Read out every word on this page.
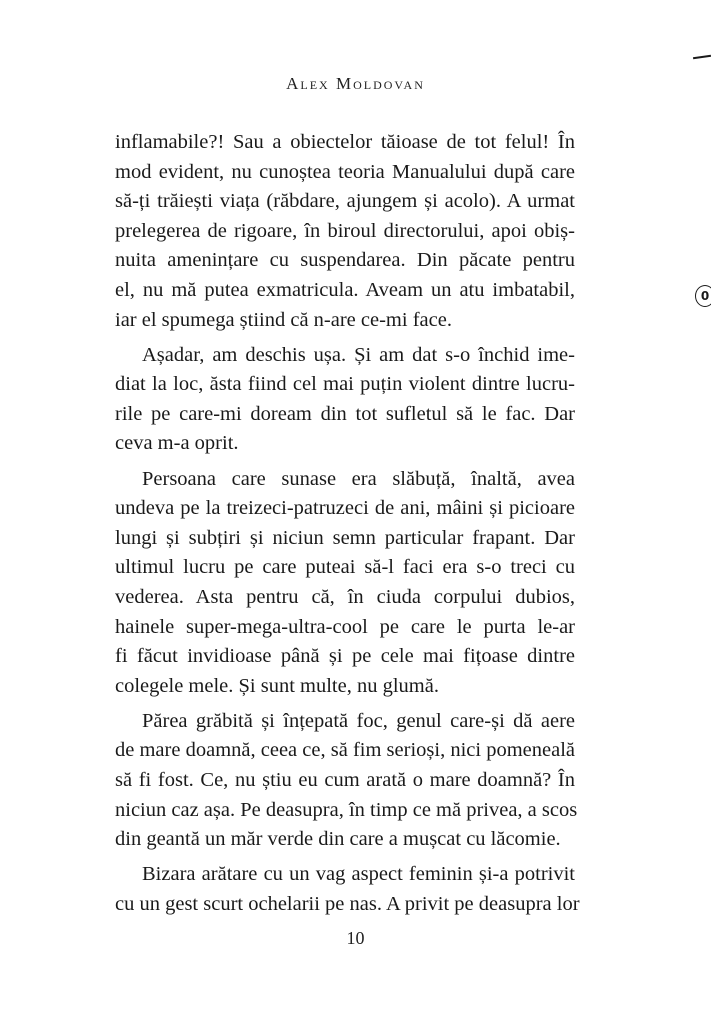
0
Alex Moldovan
inflamabile?! Sau a obiectelor tăioase de tot felul! În
mod evident, nu cunoștea teoria Manualului după care
să-ți trăiești viața (răbdare, ajungem și acolo). A urmat
prelegerea de rigoare, în biroul directorului, apoi obiș-
nuita amenințare cu suspendarea. Din păcate pentru
el, nu mă putea exmatricula. Aveam un atu imbatabil,
iar el spumega știind că n-are ce-mi face.
Așadar, am deschis ușa. Și am dat s-o închid ime-
diat la loc, ăsta fiind cel mai puțin violent dintre lucru-
rile pe care-mi doream din tot sufletul să le fac. Dar
ceva m-a oprit.
Persoana care sunase era slăbuță, înaltă, avea
undeva pe la treizeci-patruzeci de ani, mâini și picioare
lungi și subțiri și niciun semn particular frapant. Dar
ultimul lucru pe care puteai să-l faci era s-o treci cu
vederea. Asta pentru că, în ciuda corpului dubios,
hainele super-mega-ultra-cool pe care le purta le-ar
fi făcut invidioase până și pe cele mai fițoase dintre
colegele mele. Și sunt multe, nu glumă.
Părea grăbită și înțepată foc, genul care-și dă aere
de mare doamnă, ceea ce, să fim serioși, nici pomeneală
să fi fost. Ce, nu știu eu cum arată o mare doamnă? În
niciun caz așa. Pe deasupra, în timp ce mă privea, a scos
din geantă un măr verde din care a mușcat cu lăcomie.
Bizara arătare cu un vag aspect feminin și-a potrivit
cu un gest scurt ochelarii pe nas. A privit pe deasupra lor
10
